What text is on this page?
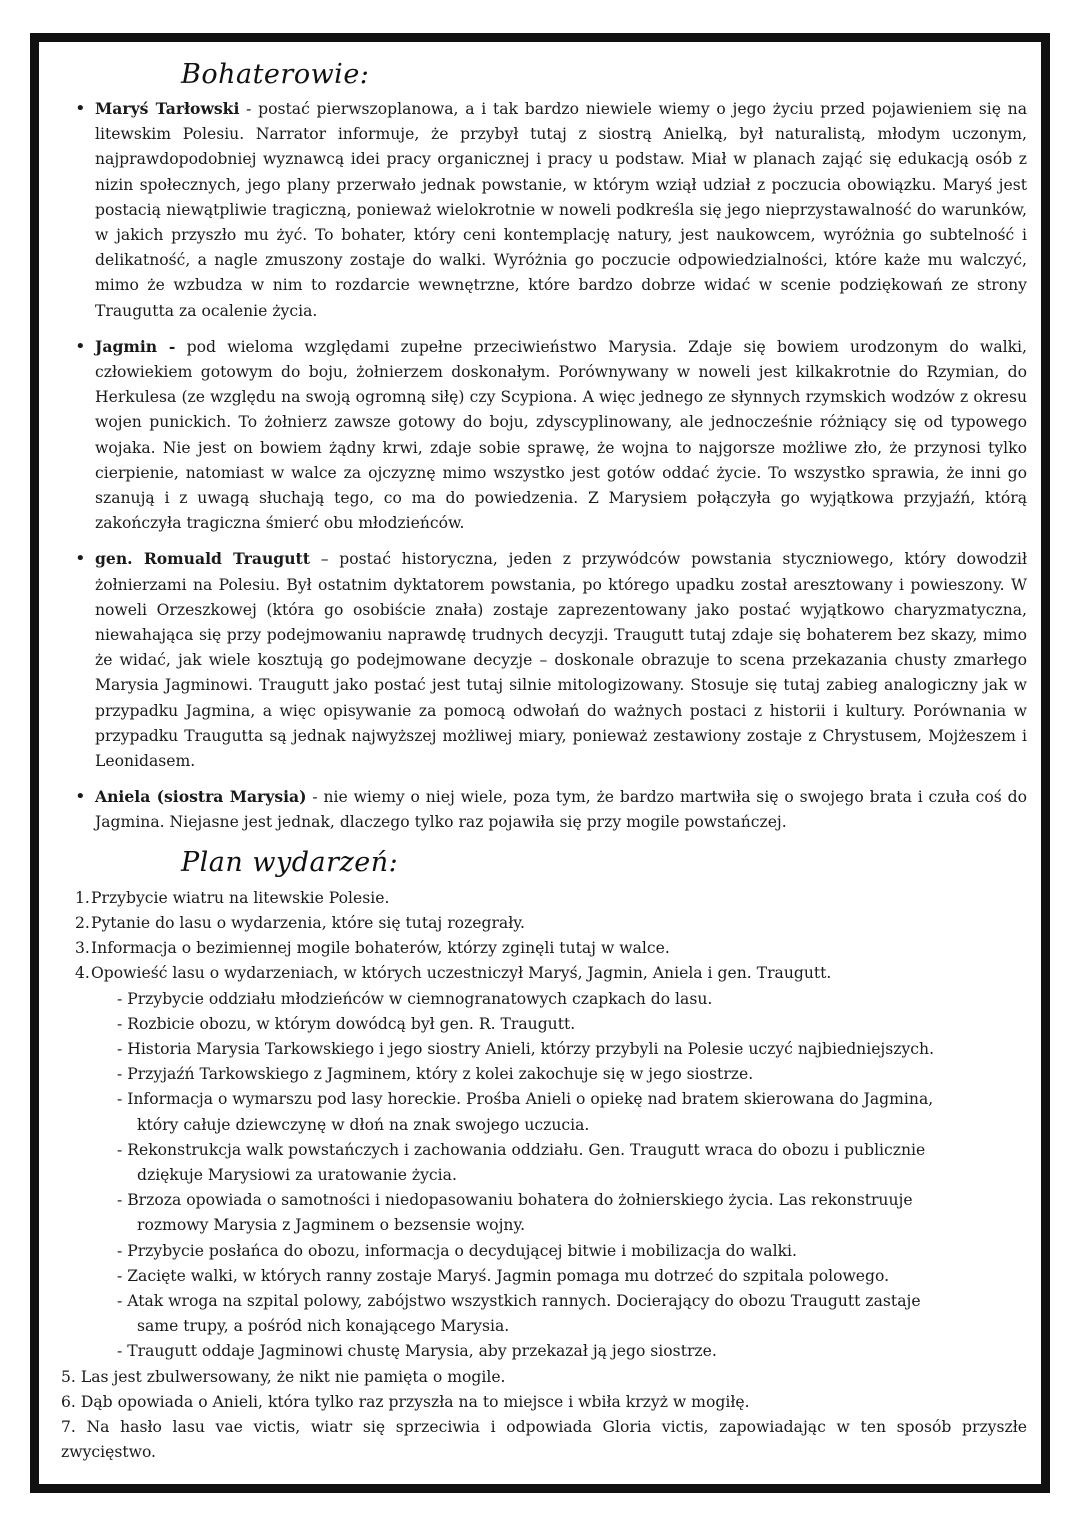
Bohaterowie:
• Maryś Tarłowski - postać pierwszoplanowa, a i tak bardzo niewiele wiemy o jego życiu przed pojawieniem się na litewskim Polesiu. Narrator informuje, że przybył tutaj z siostrą Anielką, był naturalistą, młodym uczonym, najprawdopodobniej wyznawcą idei pracy organicznej i pracy u podstaw. Miał w planach zająć się edukacją osób z nizin społecznych, jego plany przerwało jednak powstanie, w którym wziął udział z poczucia obowiązku. Maryś jest postacią niewątpliwie tragiczną, ponieważ wielokrotnie w noweli podkreśla się jego nieprzystawalność do warunków, w jakich przyszło mu żyć. To bohater, który ceni kontemplację natury, jest naukowcem, wyróżnia go subtelność i delikatność, a nagle zmuszony zostaje do walki. Wyróżnia go poczucie odpowiedzialności, które każe mu walczyć, mimo że wzbudza w nim to rozdarcie wewnętrzne, które bardzo dobrze widać w scenie podziękowań ze strony Traugutta za ocalenie życia.
• Jagmin - pod wieloma względami zupełne przeciwieństwo Marysia. Zdaje się bowiem urodzonym do walki, człowiekiem gotowym do boju, żołnierzem doskonałym. Porównywany w noweli jest kilkakrotnie do Rzymian, do Herkulesa (ze względu na swoją ogromną siłę) czy Scypiona. A więc jednego ze słynnych rzymskich wodzów z okresu wojen punickich. To żołnierz zawsze gotowy do boju, zdyscyplinowany, ale jednocześnie różniący się od typowego wojaka. Nie jest on bowiem żądny krwi, zdaje sobie sprawę, że wojna to najgorsze możliwe zło, że przynosi tylko cierpienie, natomiast w walce za ojczyznę mimo wszystko jest gotów oddać życie. To wszystko sprawia, że inni go szanują i z uwagą słuchają tego, co ma do powiedzenia. Z Marysiem połączyła go wyjątkowa przyjaźń, którą zakończyła tragiczna śmierć obu młodzieńców.
• gen. Romuald Traugutt – postać historyczna, jeden z przywódców powstania styczniowego, który dowodził żołnierzami na Polesiu. Był ostatnim dyktatorem powstania, po którego upadku został aresztowany i powieszony. W noweli Orzeszkowej (która go osobiście znała) zostaje zaprezentowany jako postać wyjątkowo charyzmatyczna, niewahająca się przy podejmowaniu naprawdę trudnych decyzji. Traugutt tutaj zdaje się bohaterem bez skazy, mimo że widać, jak wiele kosztują go podejmowane decyzje – doskonale obrazuje to scena przekazania chusty zmarłego Marysia Jagminowi. Traugutt jako postać jest tutaj silnie mitologizowany. Stosuje się tutaj zabieg analogiczny jak w przypadku Jagmina, a więc opisywanie za pomocą odwołań do ważnych postaci z historii i kultury. Porównania w przypadku Traugutta są jednak najwyższej możliwej miary, ponieważ zestawiony zostaje z Chrystusem, Mojżeszem i Leonidasem.
• Aniela (siostra Marysia) - nie wiemy o niej wiele, poza tym, że bardzo martwiła się o swojego brata i czuła coś do Jagmina. Niejasne jest jednak, dlaczego tylko raz pojawiła się przy mogile powstańczej.
Plan wydarzeń:
1. Przybycie wiatru na litewskie Polesie.
2. Pytanie do lasu o wydarzenia, które się tutaj rozegrały.
3. Informacja o bezimiennej mogile bohaterów, którzy zginęli tutaj w walce.
4. Opowieść lasu o wydarzeniach, w których uczestniczył Maryś, Jagmin, Aniela i gen. Traugutt.
- Przybycie oddziału młodzieńców w ciemnogranatowych czapkach do lasu.
- Rozbicie obozu, w którym dowódcą był gen. R. Traugutt.
- Historia Marysia Tarkowskiego i jego siostry Anieli, którzy przybyli na Polesie uczyć najbiedniejszych.
- Przyjaźń Tarkowskiego z Jagminem, który z kolei zakochuje się w jego siostrze.
- Informacja o wymarszu pod lasy horeckie. Prośba Anieli o opiekę nad bratem skierowana do Jagmina,
który całuje dziewczynę w dłoń na znak swojego uczucia.
- Rekonstrukcja walk powstańczych i zachowania oddziału. Gen. Traugutt wraca do obozu i publicznie
dziękuje Marysiowi za uratowanie życia.
- Brzoza opowiada o samotności i niedopasowaniu bohatera do żołnierskiego życia. Las rekonstruuje
rozmowy Marysia z Jagminem o bezsensie wojny.
- Przybycie posłańca do obozu, informacja o decydującej bitwie i mobilizacja do walki.
- Zacięte walki, w których ranny zostaje Maryś. Jagmin pomaga mu dotrzeć do szpitala polowego.
- Atak wroga na szpital polowy, zabójstwo wszystkich rannych. Docierający do obozu Traugutt zastaje
same trupy, a pośród nich konającego Marysia.
- Traugutt oddaje Jagminowi chustę Marysia, aby przekazał ją jego siostrze.
5. Las jest zbulwersowany, że nikt nie pamięta o mogile.
6. Dąb opowiada o Anieli, która tylko raz przyszła na to miejsce i wbiła krzyż w mogiłę.
7. Na hasło lasu vae victis, wiatr się sprzeciwia i odpowiada Gloria victis, zapowiadając w ten sposób przyszłe zwycięstwo.
